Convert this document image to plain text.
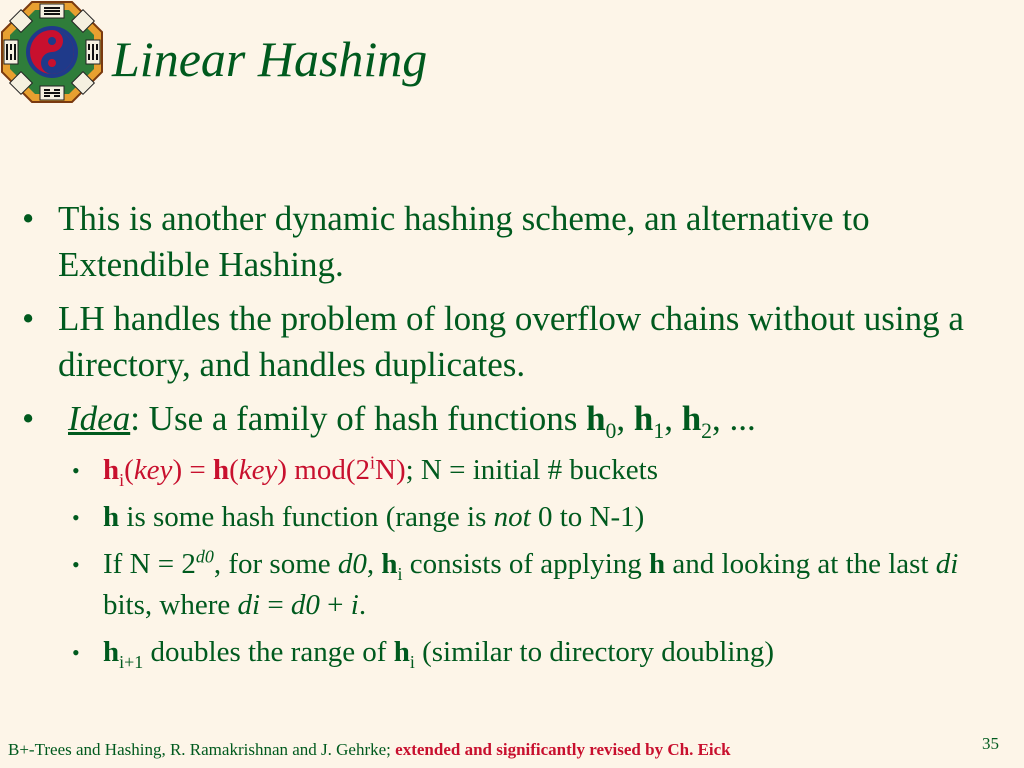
Linear Hashing
• This is another dynamic hashing scheme, an alternative to Extendible Hashing.
• LH handles the problem of long overflow chains without using a directory, and handles duplicates.
• Idea: Use a family of hash functions $h_0$, $h_1$, $h_2$, ...
• $h_i(key) = h(key)$ mod(2$^i$N); N = initial # buckets
• h is some hash function (range is not 0 to N-1)
• If $N = 2^{d0}$, for some d0, $h_i$ consists of applying h and looking at the last di bits, where di = d0 + i.
• $h_{i+1}$ doubles the range of $h_i$ (similar to directory doubling)
B+-Trees and Hashing, R. Ramakrishnan and J. Gehrke; extended and significantly revised by Ch. Eick	35
